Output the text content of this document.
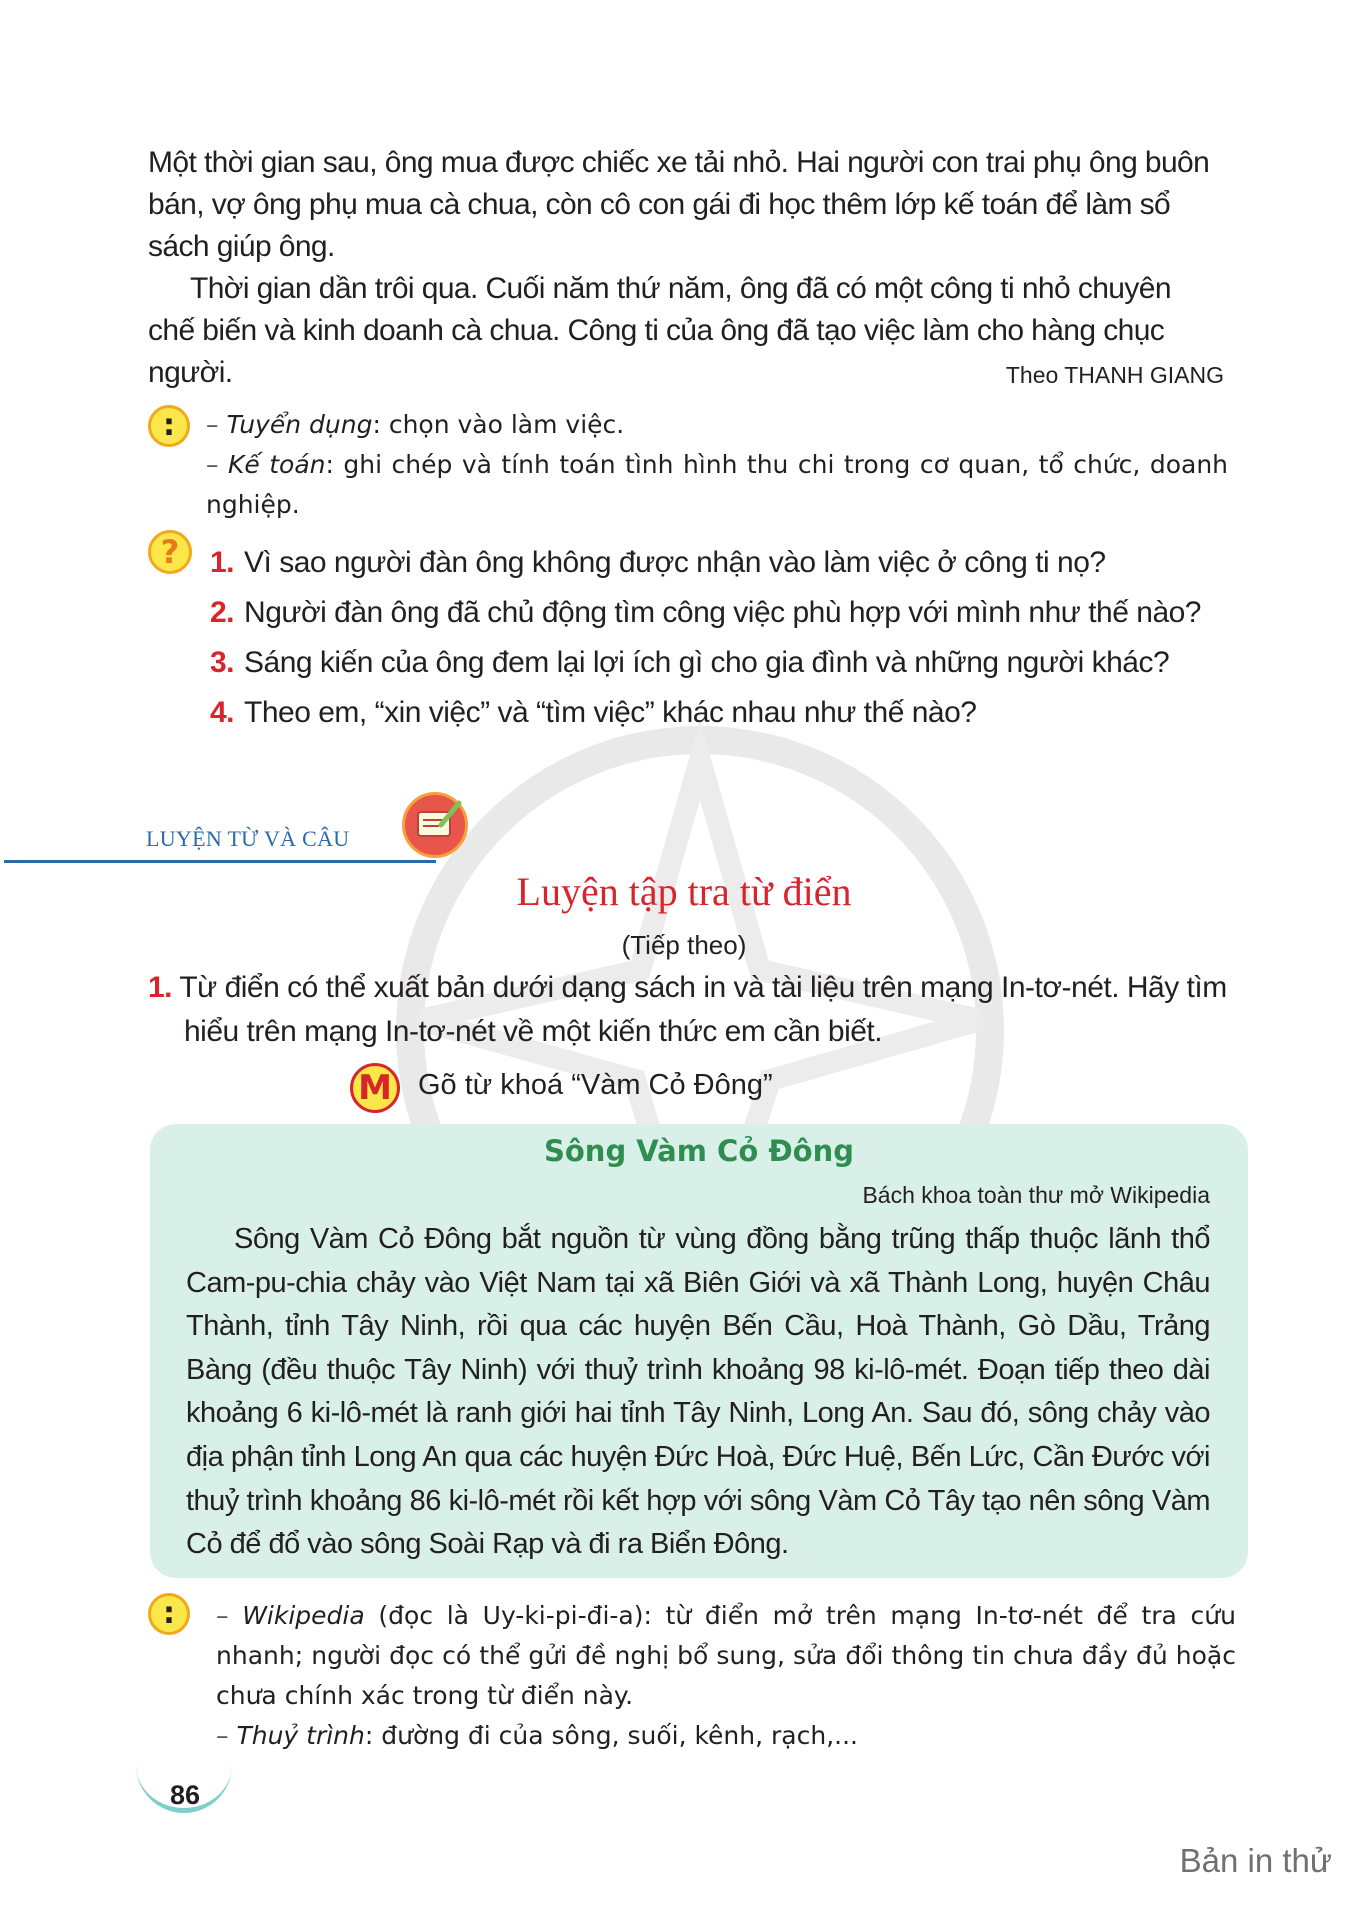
Một thời gian sau, ông mua được chiếc xe tải nhỏ. Hai người con trai phụ ông buôn bán, vợ ông phụ mua cà chua, còn cô con gái đi học thêm lớp kế toán để làm sổ sách giúp ông.

Thời gian dần trôi qua. Cuối năm thứ năm, ông đã có một công ti nhỏ chuyên chế biến và kinh doanh cà chua. Công ti của ông đã tạo việc làm cho hàng chục người.	Theo THANH GIANG
:	– Tuyển dụng: chọn vào làm việc.
– Kế toán: ghi chép và tính toán tình hình thu chi trong cơ quan, tổ chức, doanh nghiệp.
?	1. Vì sao người đàn ông không được nhận vào làm việc ở công ti nọ?
2. Người đàn ông đã chủ động tìm công việc phù hợp với mình như thế nào?
3. Sáng kiến của ông đem lại lợi ích gì cho gia đình và những người khác?
4. Theo em, “xin việc” và “tìm việc” khác nhau như thế nào?
LUYỆN TỪ VÀ CÂU
Luyện tập tra từ điển
(Tiếp theo)
1. Từ điển có thể xuất bản dưới dạng sách in và tài liệu trên mạng In-tơ-nét. Hãy tìm
hiểu trên mạng In-tơ-nét về một kiến thức em cần biết.
M Gõ từ khoá “Vàm Cỏ Đông”
Sông Vàm Cỏ Đông
Bách khoa toàn thư mở Wikipedia
Sông Vàm Cỏ Đông bắt nguồn từ vùng đồng bằng trũng thấp thuộc lãnh thổ Cam-pu-chia chảy vào Việt Nam tại xã Biên Giới và xã Thành Long, huyện Châu Thành, tỉnh Tây Ninh, rồi qua các huyện Bến Cầu, Hoà Thành, Gò Dầu, Trảng Bàng (đều thuộc Tây Ninh) với thuỷ trình khoảng 98 ki-lô-mét. Đoạn tiếp theo dài khoảng 6 ki-lô-mét là ranh giới hai tỉnh Tây Ninh, Long An. Sau đó, sông chảy vào địa phận tỉnh Long An qua các huyện Đức Hoà, Đức Huệ, Bến Lức, Cần Đước với thuỷ trình khoảng 86 ki-lô-mét rồi kết hợp với sông Vàm Cỏ Tây tạo nên sông Vàm Cỏ để đổ vào sông Soài Rạp và đi ra Biển Đông.
:	– Wikipedia (đọc là Uy-ki-pi-đi-a): từ điển mở trên mạng In-tơ-nét để tra cứu nhanh; người đọc có thể gửi đề nghị bổ sung, sửa đổi thông tin chưa đầy đủ hoặc chưa chính xác trong từ điển này.
– Thuỷ trình: đường đi của sông, suối, kênh, rạch,...
86
Bản in thử
